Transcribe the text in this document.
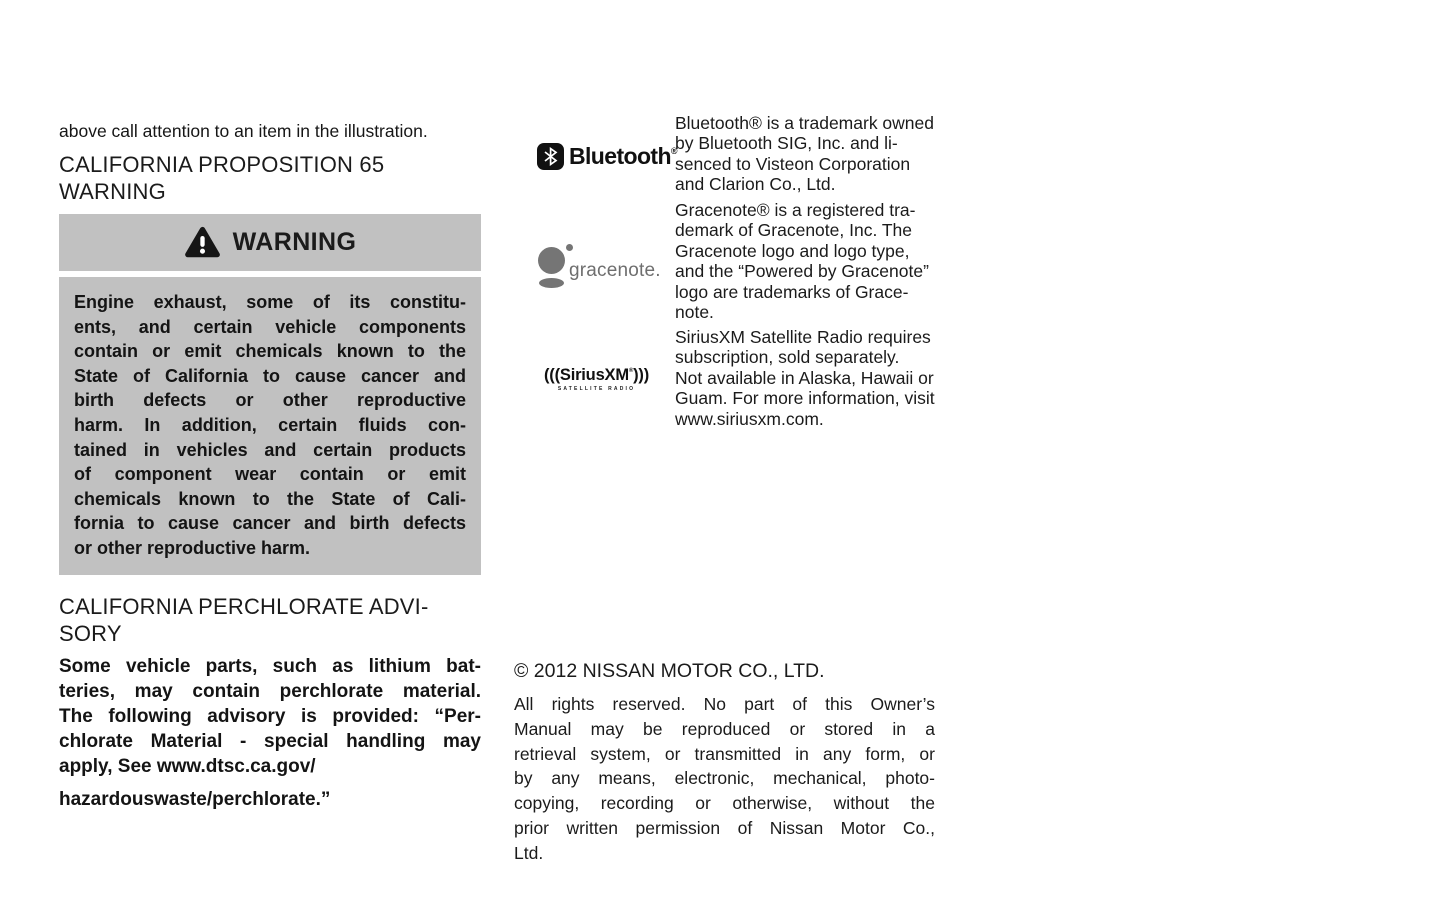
above call attention to an item in the illustration.
CALIFORNIA PROPOSITION 65
WARNING
WARNING
Engine exhaust, some of its constitu-
ents, and certain vehicle components
contain or emit chemicals known to the
State of California to cause cancer and
birth defects or other reproductive
harm. In addition, certain fluids con-
tained in vehicles and certain products
of component wear contain or emit
chemicals known to the State of Cali-
fornia to cause cancer and birth defects
or other reproductive harm.
CALIFORNIA PERCHLORATE ADVI-
SORY
Some vehicle parts, such as lithium bat-
teries, may contain perchlorate material.
The following advisory is provided: “Per-
chlorate Material - special handling may
apply, See www.dtsc.ca.gov/
hazardouswaste/perchlorate.”
Bluetooth®
gracenote.
(((SiriusXM®)))
SATELLITE RADIO
Bluetooth® is a trademark owned
by Bluetooth SIG, Inc. and li-
senced to Visteon Corporation
and Clarion Co., Ltd.
Gracenote® is a registered tra-
demark of Gracenote, Inc. The
Gracenote logo and logo type,
and the “Powered by Gracenote”
logo are trademarks of Grace-
note.
SiriusXM Satellite Radio requires
subscription, sold separately.
Not available in Alaska, Hawaii or
Guam. For more information, visit
www.siriusxm.com.
© 2012 NISSAN MOTOR CO., LTD.
All rights reserved. No part of this Owner’s
Manual may be reproduced or stored in a
retrieval system, or transmitted in any form, or
by any means, electronic, mechanical, photo-
copying, recording or otherwise, without the
prior written permission of Nissan Motor Co.,
Ltd.
